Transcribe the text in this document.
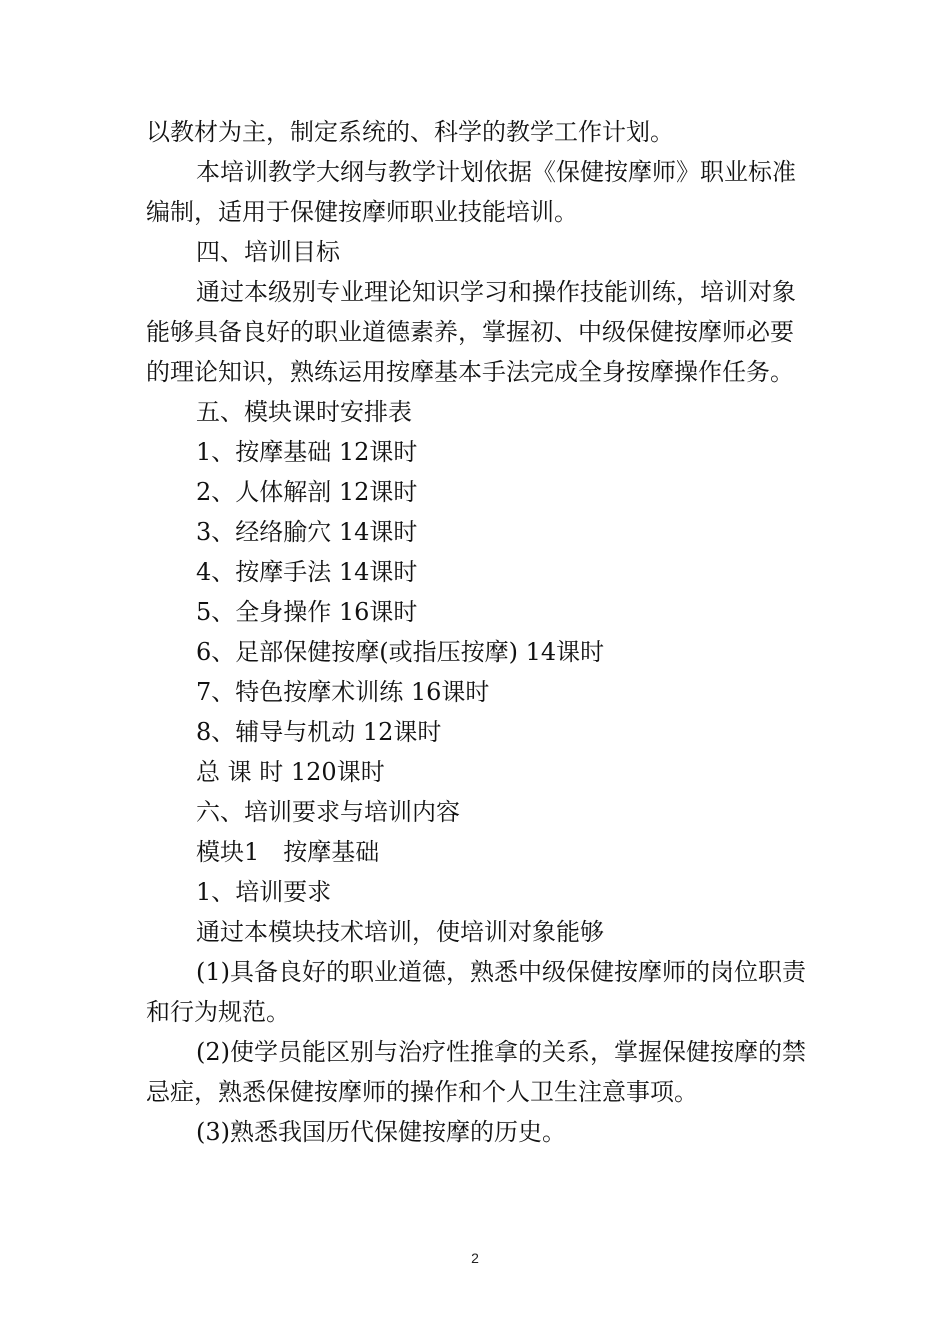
以教材为主，制定系统的、科学的教学工作计划。

本培训教学大纲与教学计划依据《保健按摩师》职业标准编制，适用于保健按摩师职业技能培训。

四、培训目标

通过本级别专业理论知识学习和操作技能训练，培训对象能够具备良好的职业道德素养，掌握初、中级保健按摩师必要的理论知识，熟练运用按摩基本手法完成全身按摩操作任务。

五、模块课时安排表

1、按摩基础 12课时

2、人体解剖 12课时

3、经络腧穴 14课时

4、按摩手法 14课时

5、全身操作 16课时

6、足部保健按摩(或指压按摩) 14课时

7、特色按摩术训练 16课时

8、辅导与机动 12课时

总 课 时 120课时

六、培训要求与培训内容

模块1　按摩基础

1、培训要求

通过本模块技术培训，使培训对象能够

(1)具备良好的职业道德，熟悉中级保健按摩师的岗位职责和行为规范。

(2)使学员能区别与治疗性推拿的关系，掌握保健按摩的禁忌症，熟悉保健按摩师的操作和个人卫生注意事项。

(3)熟悉我国历代保健按摩的历史。

2
